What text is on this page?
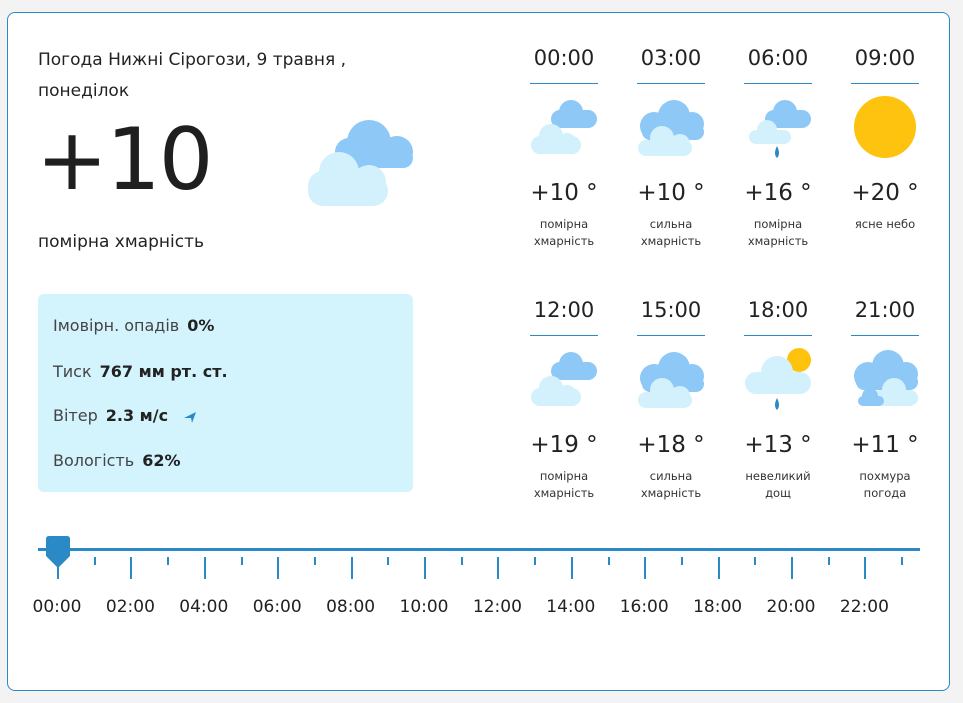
Погода Нижні Сірогози, 9 травня , понеділок
+10
помірна хмарність
Імовірн. опадів 0%
Тиск 767 мм рт. ст.
Вітер 2.3 м/с
Вологість 62%
00:00
+10 °
помірна хмарність
03:00
+10 °
сильна хмарність
06:00
+16 °
помірна хмарність
09:00
+20 °
ясне небо
12:00
+19 °
помірна хмарність
15:00
+18 °
сильна хмарність
18:00
+13 °
невеликий дощ
21:00
+11 °
похмура погода
00:00 02:00 04:00 06:00 08:00 10:00 12:00 14:00 16:00 18:00 20:00 22:00
